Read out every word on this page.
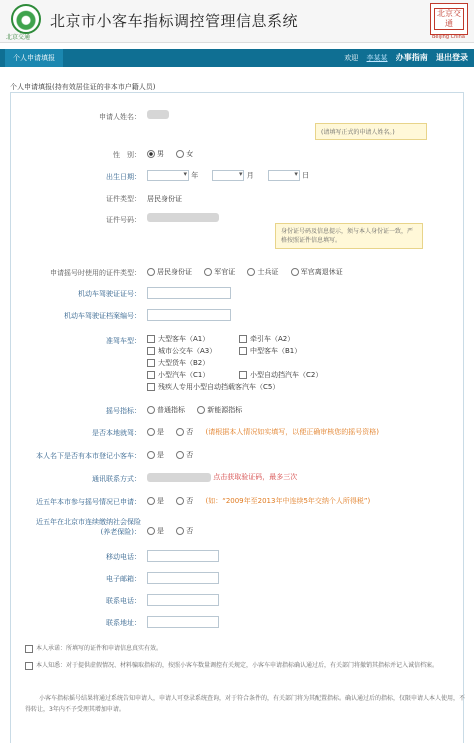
北京交通
北京市小客车指标调控管理信息系统	北京交通
Beijing China
个人申请填报	欢迎 李某某 办事指南 退出登录
个人申请填报(持有效居住证的非本市户籍人员)
申请人姓名：
(请填写正式的申请人姓名。)
性　别：	男	女
出生日期： ▾	年 ▾	月 ▾	日
证件类型： 居民身份证
证件号码：
身份证号码及信息提示，须与本人身份证一致，严格按照证件信息填写。
申请摇号时使用的证件类型：	居民身份证	军官证	士兵证	军官离退休证
机动车驾驶证证号：
机动车驾驶证档案编号：
准驾车型：	大型客车（A1）	牵引车（A2）
城市公交车（A3）	中型客车（B1）
大型货车（B2）
小型汽车（C1）	小型自动挡汽车（C2）
残疾人专用小型自动挡载客汽车（C5）
摇号指标：	普通指标	新能源指标
是否本地就驾：	是	否 (请根据本人情况如实填写，以便正确审核您的摇号资格)
本人名下是否有本市登记小客车：	是	否
通讯联系方式：	点击获取验证码，最多三次
近五年本市参与摇号情况已申请：	是	否 (如：“2009年至2013年中连续5年交纳个人所得税”)
近五年在北京市连续缴纳社会保险
(养老保险)：	是	否
移动电话：
电子邮箱：
联系电话：
联系地址：
本人承诺：所填写的证件和申请信息真实有效。
本人知悉：对于提供虚假情况、材料骗取指标的，按照小客车数量调控有关规定，小客车申请指标确认通过后，有关部门将撤销其指标并记入诚信档案。
小客车指标摇号结果将通过系统告知申请人，申请人可登录系统查询，对于符合条件的，有关部门将为其配置指标。确认通过后的指标，仅限申请人本人使用，不得转让，3年内不予受理其增加申请。
